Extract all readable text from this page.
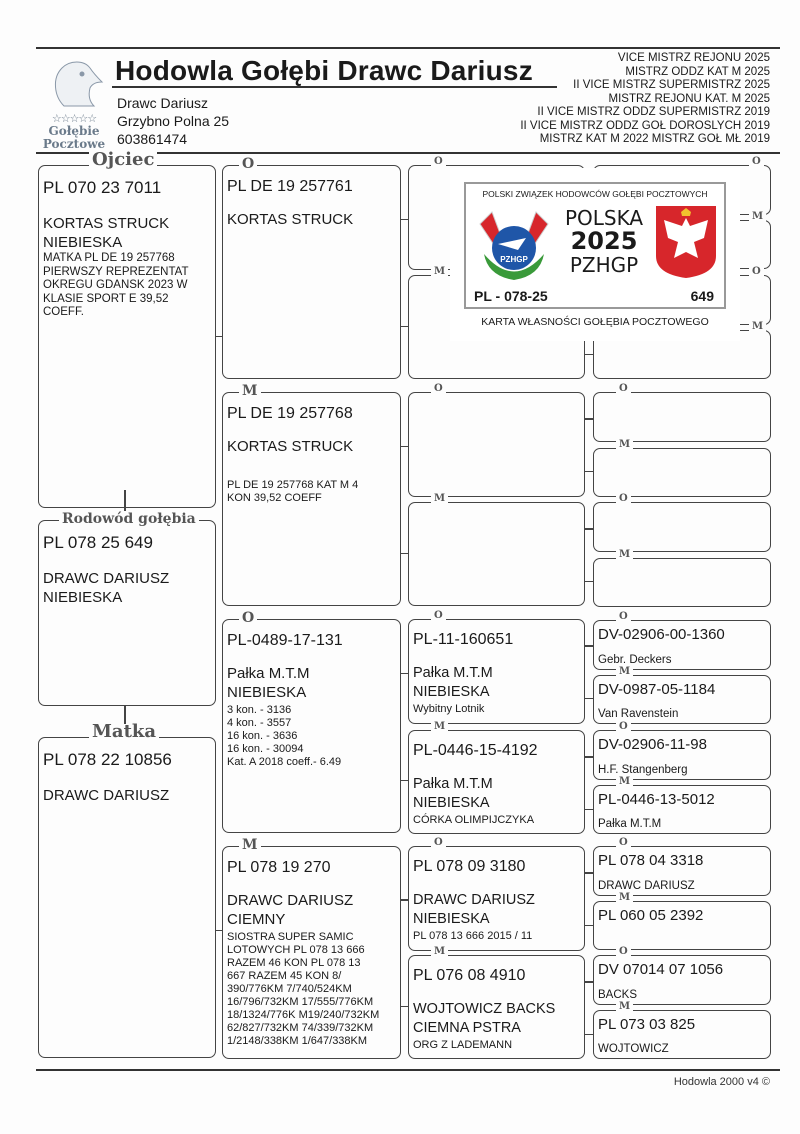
☆☆☆☆☆
Gołębie
Pocztowe
Hodowla Gołębi Drawc Dariusz
Drawc Dariusz
Grzybno Polna 25
603861474
VICE MISTRZ REJONU 2025
MISTRZ ODDZ KAT M 2025
II VICE MISTRZ SUPERMISTRZ 2025
MISTRZ REJONU KAT. M 2025
II VICE MISTRZ ODDZ SUPERMISTRZ 2019
II VICE MISTRZ ODDZ GOŁ DOROSLYCH 2019
MISTRZ KAT M 2022 MISTRZ GOŁ MŁ 2019
Ojciec
PL 070 23 7011
KORTAS STRUCK
NIEBIESKA
MATKA PL DE 19 257768
PIERWSZY REPREZENTAT
OKREGU GDANSK 2023 W
KLASIE SPORT E 39,52
COEFF.
Rodowód gołębia
PL 078 25 649
DRAWC DARIUSZ
NIEBIESKA
Matka
PL 078 22 10856
DRAWC DARIUSZ
O
PL DE 19 257761
KORTAS STRUCK
M
PL DE 19 257768
KORTAS STRUCK
PL DE 19 257768 KAT M 4
KON 39,52 COEFF
O
PL-0489-17-131
Pałka M.T.M
NIEBIESKA
3 kon. - 3136
4 kon. - 3557
16 kon. - 3636
16 kon. - 30094
Kat. A 2018 coeff.- 6.49
M
PL 078 19 270
DRAWC DARIUSZ
CIEMNY
SIOSTRA SUPER SAMIC
LOTOWYCH PL 078 13 666
RAZEM 46 KON PL 078 13
667 RAZEM 45 KON 8/
390/776KM 7/740/524KM
16/796/732KM 17/555/776KM
18/1324/776K M19/240/732KM
62/827/732KM 74/339/732KM
1/2148/338KM 1/647/338KM
O
M
O
M
O
PL-11-160651
Pałka M.T.M
NIEBIESKA
Wybitny Lotnik
M
PL-0446-15-4192
Pałka M.T.M
NIEBIESKA
CÓRKA OLIMPIJCZYKA
O
PL 078 09 3180
DRAWC DARIUSZ
NIEBIESKA
PL 078 13 666 2015 / 11
M
PL 076 08 4910
WOJTOWICZ BACKS
CIEMNA PSTRA
ORG Z LADEMANN
O
M
O
M
O
M
O
M
O
DV-02906-00-1360
Gebr. Deckers
M
DV-0987-05-1184
Van Ravenstein
O
DV-02906-11-98
H.F. Stangenberg
M
PL-0446-13-5012
Pałka M.T.M
O
PL 078 04 3318
DRAWC DARIUSZ
M
PL 060 05 2392
O
DV 07014 07 1056
BACKS
M
PL 073 03 825
WOJTOWICZ
POLSKI ZWIĄZEK HODOWCÓW GOŁĘBI POCZTOWYCH
PZHGP
POLSKA
2025
PZHGP
PL - 078-25	649
KARTA WŁASNOŚCI GOŁĘBIA POCZTOWEGO
Hodowla 2000 v4 ©
